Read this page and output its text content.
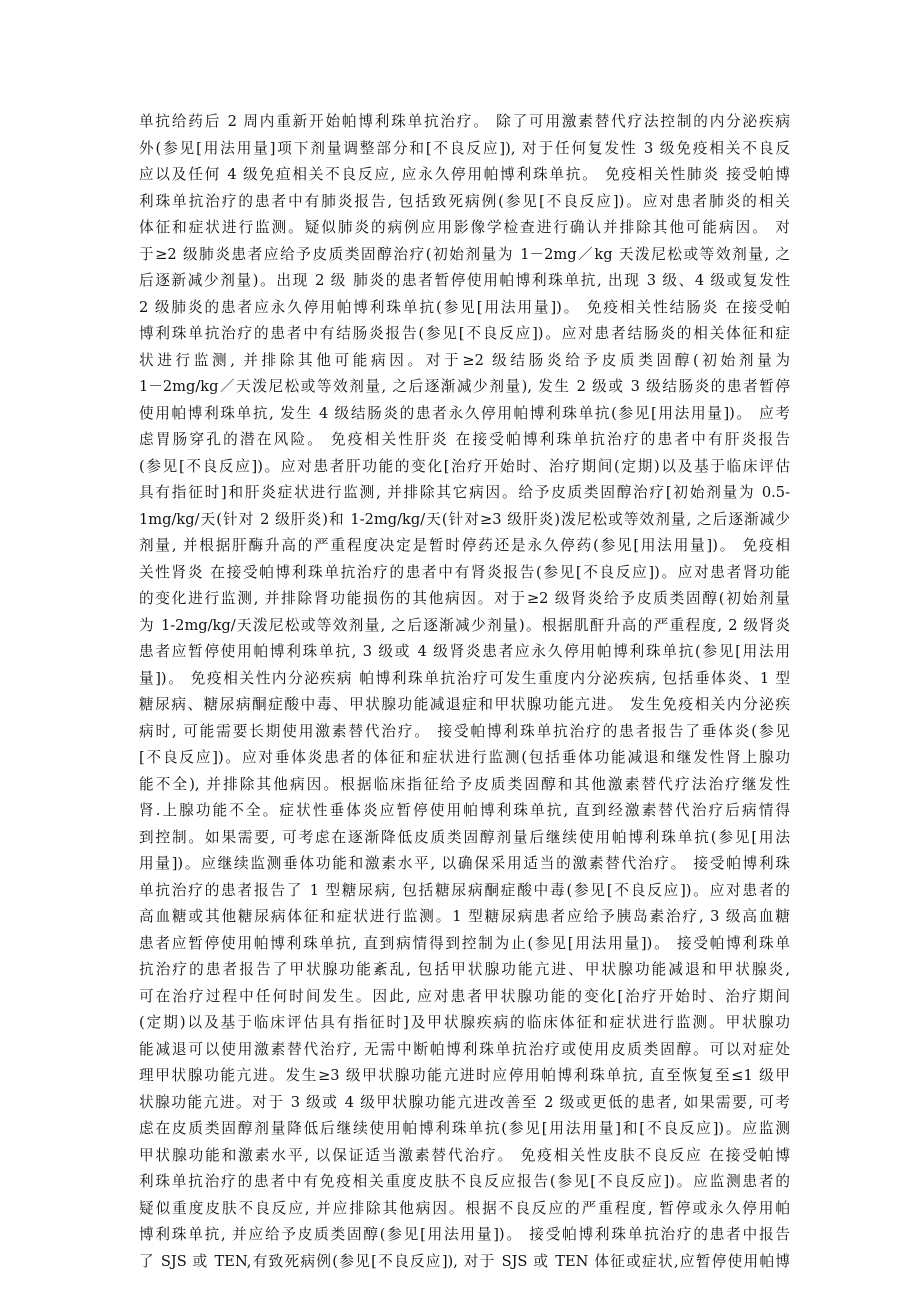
单抗给药后 2 周内重新开始帕博利珠单抗治疗。 除了可用激素替代疗法控制的内分泌疾病
外(参见[用法用量]项下剂量调整部分和[不良反应]), 对于任何复发性 3 级免疫相关不良反
应以及任何 4 级免疸相关不良反应, 应永久停用帕博利珠单抗。 免疫相关性肺炎 接受帕博
利珠单抗治疗的患者中有肺炎报告, 包括致死病例(参见[不良反应])。应对患者肺炎的相关
体征和症状进行监测。疑似肺炎的病例应用影像学检查进行确认并排除其他可能病因。 对
于≥2 级肺炎患者应给予皮质类固醇治疗(初始剂量为 1－2mg／kg 天泼尼松或等效剂量, 之
后逐新减少剂量)。出现 2 级 肺炎的患者暂停使用帕博利珠单抗, 出现 3 级、4 级或复发性
2 级肺炎的患者应永久停用帕博利珠单抗(参见[用法用量])。 免疫相关性结肠炎 在接受帕
博利珠单抗治疗的患者中有结肠炎报告(参见[不良反应])。应对患者结肠炎的相关体征和症
状进行监测, 并排除其他可能病因。对于≥2 级结肠炎给予皮质类固醇(初始剂量为
1－2mg/kg／天泼尼松或等效剂量, 之后逐渐减少剂量), 发生 2 级或 3 级结肠炎的患者暂停
使用帕博利珠单抗, 发生 4 级结肠炎的患者永久停用帕博利珠单抗(参见[用法用量])。 应考
虑胃肠穿孔的潜在风险。 免疫相关性肝炎 在接受帕博利珠单抗治疗的患者中有肝炎报告
(参见[不良反应])。应对患者肝功能的变化[治疗开始时、治疗期间(定期)以及基于临床评估
具有指征时]和肝炎症状进行监测, 并排除其它病因。给予皮质类固醇治疗[初始剂量为 0.5-
1mg/kg/天(针对 2 级肝炎)和 1-2mg/kg/天(针对≥3 级肝炎)泼尼松或等效剂量, 之后逐渐减少
剂量, 并根据肝酶升高的严重程度决定是暂时停药还是永久停药(参见[用法用量])。 免疫相
关性肾炎 在接受帕博利珠单抗治疗的患者中有肾炎报告(参见[不良反应])。应对患者肾功能
的变化进行监测, 并排除肾功能损伤的其他病因。对于≥2 级肾炎给予皮质类固醇(初始剂量
为 1-2mg/kg/天泼尼松或等效剂量, 之后逐渐减少剂量)。根据肌酐升高的严重程度, 2 级肾炎
患者应暂停使用帕博利珠单抗, 3 级或 4 级肾炎患者应永久停用帕博利珠单抗(参见[用法用
量])。 免疫相关性内分泌疾病 帕博利珠单抗治疗可发生重度内分泌疾病, 包括垂体炎、1 型
糖尿病、糖尿病酮症酸中毒、甲状腺功能减退症和甲状腺功能亢进。 发生免疫相关内分泌疾
病时, 可能需要长期使用激素替代治疗。 接受帕博利珠单抗治疗的患者报告了垂体炎(参见
[不良反应])。应对垂体炎患者的体征和症状进行监测(包括垂体功能减退和继发性肾上腺功
能不全), 并排除其他病因。根据临床指征给予皮质类固醇和其他激素替代疗法治疗继发性
肾.上腺功能不全。症状性垂体炎应暂停使用帕博利珠单抗, 直到经激素替代治疗后病情得
到控制。如果需要, 可考虑在逐渐降低皮质类固醇剂量后继续使用帕博利珠单抗(参见[用法
用量])。应继续监测垂体功能和激素水平, 以确保采用适当的激素替代治疗。 接受帕博利珠
单抗治疗的患者报告了 1 型糖尿病, 包括糖尿病酮症酸中毒(参见[不良反应])。应对患者的
高血糖或其他糖尿病体征和症状进行监测。1 型糖尿病患者应给予胰岛素治疗, 3 级高血糖
患者应暂停使用帕博利珠单抗, 直到病情得到控制为止(参见[用法用量])。 接受帕博利珠单
抗治疗的患者报告了甲状腺功能紊乱, 包括甲状腺功能亢进、甲状腺功能减退和甲状腺炎,
可在治疗过程中任何时间发生。因此, 应对患者甲状腺功能的变化[治疗开始时、治疗期间
(定期)以及基于临床评估具有指征时]及甲状腺疾病的临床体征和症状进行监测。甲状腺功
能减退可以使用激素替代治疗, 无需中断帕博利珠单抗治疗或使用皮质类固醇。可以对症处
理甲状腺功能亢进。发生≥3 级甲状腺功能亢进时应停用帕博利珠单抗, 直至恢复至≤1 级甲
状腺功能亢进。对于 3 级或 4 级甲状腺功能亢进改善至 2 级或更低的患者, 如果需要, 可考
虑在皮质类固醇剂量降低后继续使用帕博利珠单抗(参见[用法用量]和[不良反应])。应监测
甲状腺功能和激素水平, 以保证适当激素替代治疗。 免疫相关性皮肤不良反应 在接受帕博
利珠单抗治疗的患者中有免疫相关重度皮肤不良反应报告(参见[不良反应])。应监测患者的
疑似重度皮肤不良反应, 并应排除其他病因。根据不良反应的严重程度, 暂停或永久停用帕
博利珠单抗, 并应给予皮质类固醇(参见[用法用量])。 接受帕博利珠单抗治疗的患者中报告
了 SJS 或 TEN,有致死病例(参见[不良反应]), 对于 SJS 或 TEN 体征或症状,应暂停使用帕博
